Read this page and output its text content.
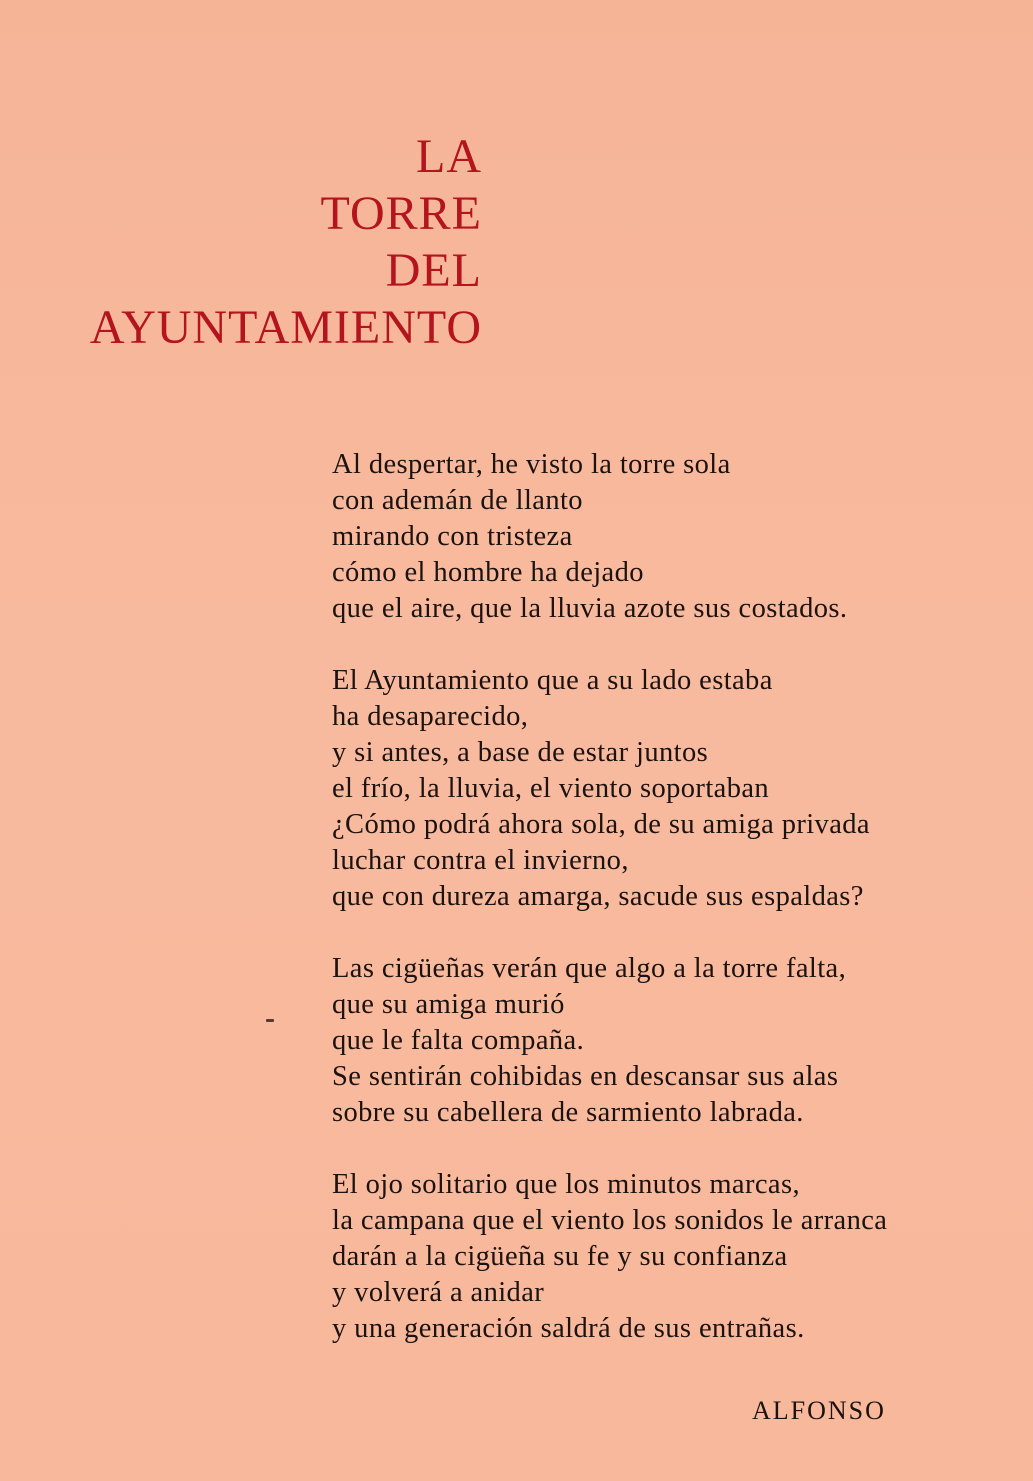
LA
TORRE
DEL
AYUNTAMIENTO
Al despertar, he visto la torre sola
con ademán de llanto
mirando con tristeza
cómo el hombre ha dejado
que el aire, que la lluvia azote sus costados.
El Ayuntamiento que a su lado estaba
ha desaparecido,
y si antes, a base de estar juntos
el frío, la lluvia, el viento soportaban
¿Cómo podrá ahora sola, de su amiga privada
luchar contra el invierno,
que con dureza amarga, sacude sus espaldas?
Las cigüeñas verán que algo a la torre falta,
que su amiga murió
que le falta compaña.
Se sentirán cohibidas en descansar sus alas
sobre su cabellera de sarmiento labrada.
El ojo solitario que los minutos marcas,
la campana que el viento los sonidos le arranca
darán a la cigüeña su fe y su confianza
y volverá a anidar
y una generación saldrá de sus entrañas.
ALFONSO
